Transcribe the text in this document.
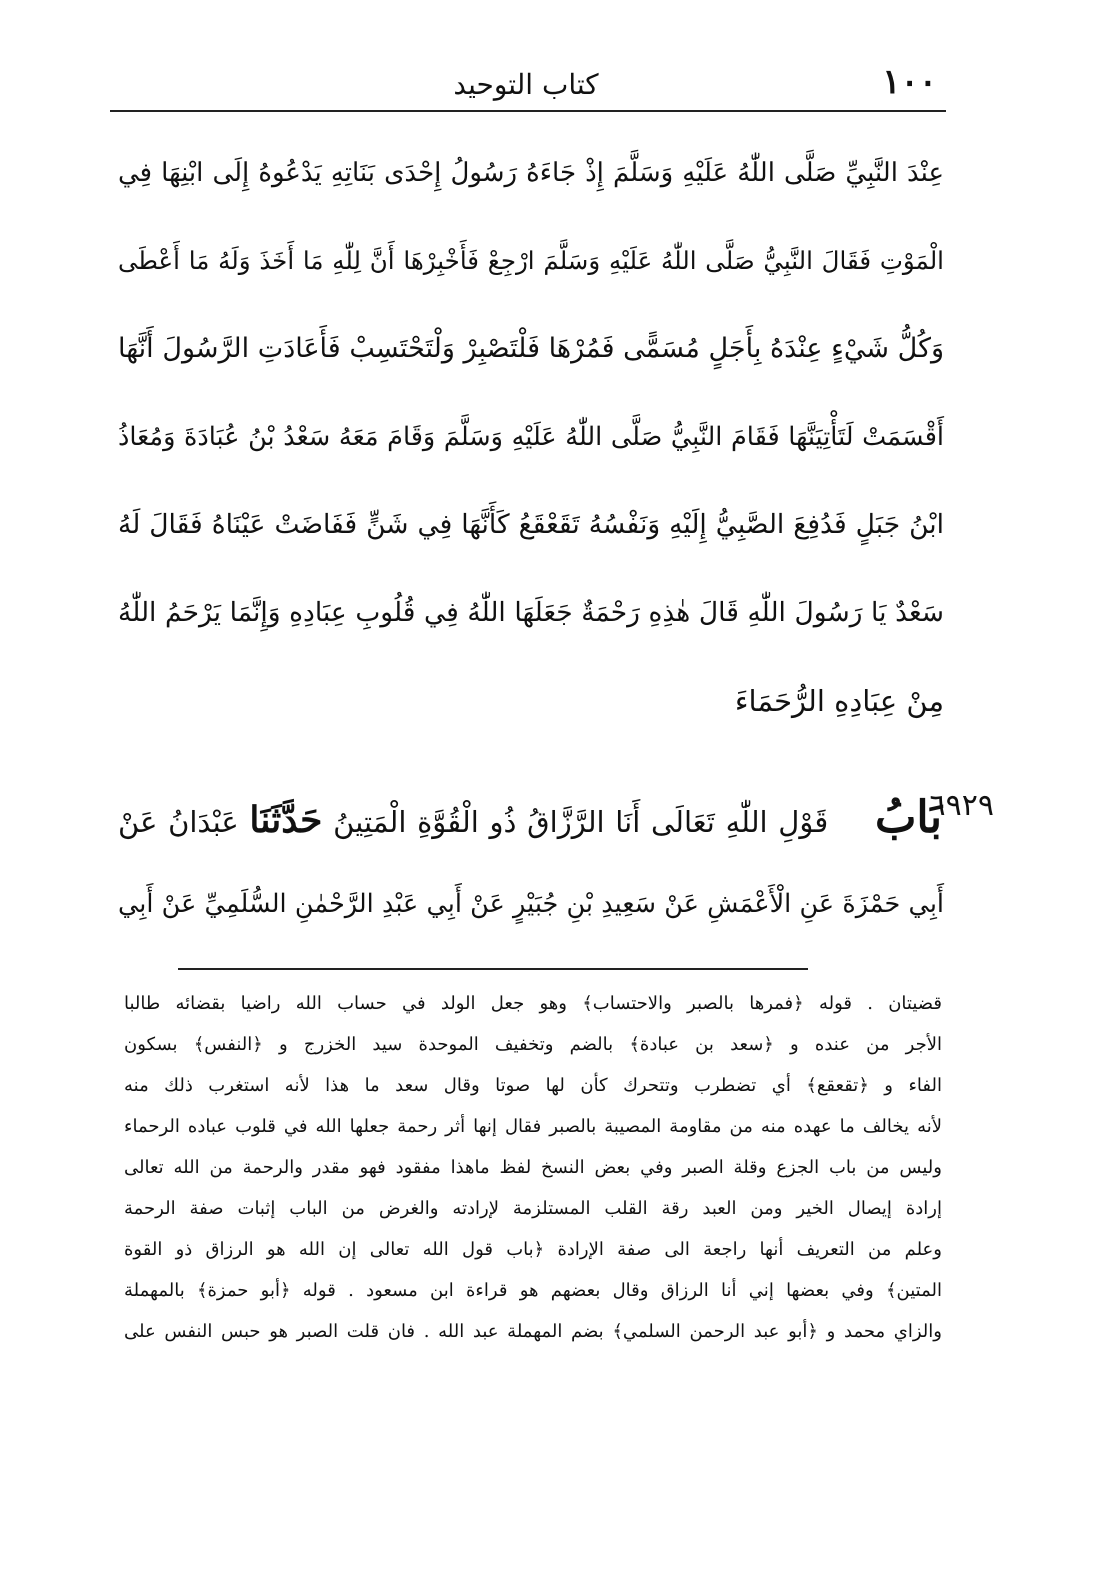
١٠٠
كتاب التوحيد
عِنْدَ النَّبِيِّ صَلَّى اللّٰهُ عَلَيْهِ وَسَلَّمَ إِذْ جَاءَهُ رَسُولُ إِحْدَى بَنَاتِهِ يَدْعُوهُ إِلَى ابْنِهَا فِي
الْمَوْتِ فَقَالَ النَّبِيُّ صَلَّى اللّٰهُ عَلَيْهِ وَسَلَّمَ ارْجِعْ فَأَخْبِرْهَا أَنَّ لِلّٰهِ مَا أَخَذَ وَلَهُ مَا أَعْطَى
وَكُلُّ شَيْءٍ عِنْدَهُ بِأَجَلٍ مُسَمًّى فَمُرْهَا فَلْتَصْبِرْ وَلْتَحْتَسِبْ فَأَعَادَتِ الرَّسُولَ أَنَّهَا
أَقْسَمَتْ لَتَأْتِيَنَّهَا فَقَامَ النَّبِيُّ صَلَّى اللّٰهُ عَلَيْهِ وَسَلَّمَ وَقَامَ مَعَهُ سَعْدُ بْنُ عُبَادَةَ وَمُعَاذُ
ابْنُ جَبَلٍ فَدُفِعَ الصَّبِيُّ إِلَيْهِ وَنَفْسُهُ تَقَعْقَعُ كَأَنَّهَا فِي شَنٍّ فَفَاضَتْ عَيْنَاهُ فَقَالَ لَهُ
سَعْدٌ يَا رَسُولَ اللّٰهِ قَالَ هٰذِهِ رَحْمَةٌ جَعَلَهَا اللّٰهُ فِي قُلُوبِ عِبَادِهِ وَإِنَّمَا يَرْحَمُ اللّٰهُ
مِنْ عِبَادِهِ الرُّحَمَاءَ
٦٩٢٩
بَابُ قَوْلِ اللّٰهِ تَعَالَى أَنَا الرَّزَّاقُ ذُو الْقُوَّةِ الْمَتِينُ حَدَّثَنَا عَبْدَانُ عَنْ
أَبِي حَمْزَةَ عَنِ الْأَعْمَشِ عَنْ سَعِيدِ بْنِ جُبَيْرٍ عَنْ أَبِي عَبْدِ الرَّحْمٰنِ السُّلَمِيِّ عَنْ أَبِي
قضيتان . قوله ﴿فمرها بالصبر والاحتساب﴾ وهو جعل الولد في حساب الله راضيا بقضائه طالبا
الأجر من عنده و ﴿سعد بن عبادة﴾ بالضم وتخفيف الموحدة سيد الخزرج و ﴿النفس﴾ بسكون
الفاء و ﴿تقعقع﴾ أي تضطرب وتتحرك كأن لها صوتا وقال سعد ما هذا لأنه استغرب ذلك منه
لأنه يخالف ما عهده منه من مقاومة المصيبة بالصبر فقال إنها أثر رحمة جعلها الله في قلوب عباده الرحماء
وليس من باب الجزع وقلة الصبر وفي بعض النسخ لفظ ماهذا مفقود فهو مقدر والرحمة من الله تعالى
إرادة إيصال الخير ومن العبد رقة القلب المستلزمة لإرادته والغرض من الباب إثبات صفة الرحمة
وعلم من التعريف أنها راجعة الى صفة الإرادة ﴿باب قول الله تعالى إن الله هو الرزاق ذو القوة
المتين﴾ وفي بعضها إني أنا الرزاق وقال بعضهم هو قراءة ابن مسعود . قوله ﴿أبو حمزة﴾ بالمهملة
والزاي محمد و ﴿أبو عبد الرحمن السلمي﴾ بضم المهملة عبد الله . فان قلت الصبر هو حبس النفس على
